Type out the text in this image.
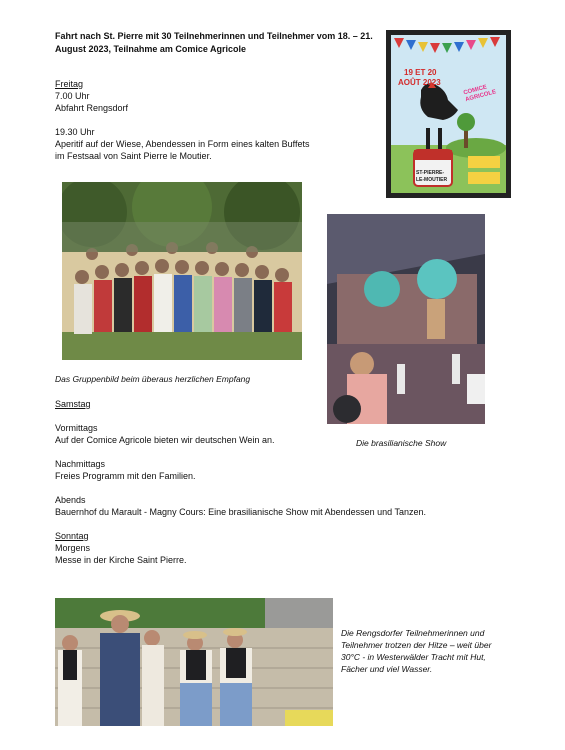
Fahrt nach St. Pierre mit 30 Teilnehmerinnen und Teilnehmer vom 18. – 21. August 2023, Teilnahme am Comice Agricole
19 ET 20
AOÛT 2023
COMICE AGRICOLE
ST-PIERRE-
LE-MOUTIER
Freitag
7.00 Uhr
Abfahrt Rengsdorf
19.30 Uhr
Aperitif auf der Wiese, Abendessen in Form eines kalten Buffets
im Festsaal von Saint Pierre le Moutier.
Das Gruppenbild beim überaus herzlichen Empfang
Die brasilianische Show
Samstag
Vormittags
Auf der Comice Agricole bieten wir deutschen Wein an.
Nachmittags
Freies Programm mit den Familien.
Abends
Bauernhof du Marault - Magny Cours: Eine brasilianische Show mit Abendessen und Tanzen.
Sonntag
Morgens
Messe in der Kirche Saint Pierre.
Die Rengsdorfer Teilnehmerinnen und
Teilnehmer trotzen der Hitze – weit über
30°C - in Westerwälder Tracht mit Hut,
Fächer und viel Wasser.
